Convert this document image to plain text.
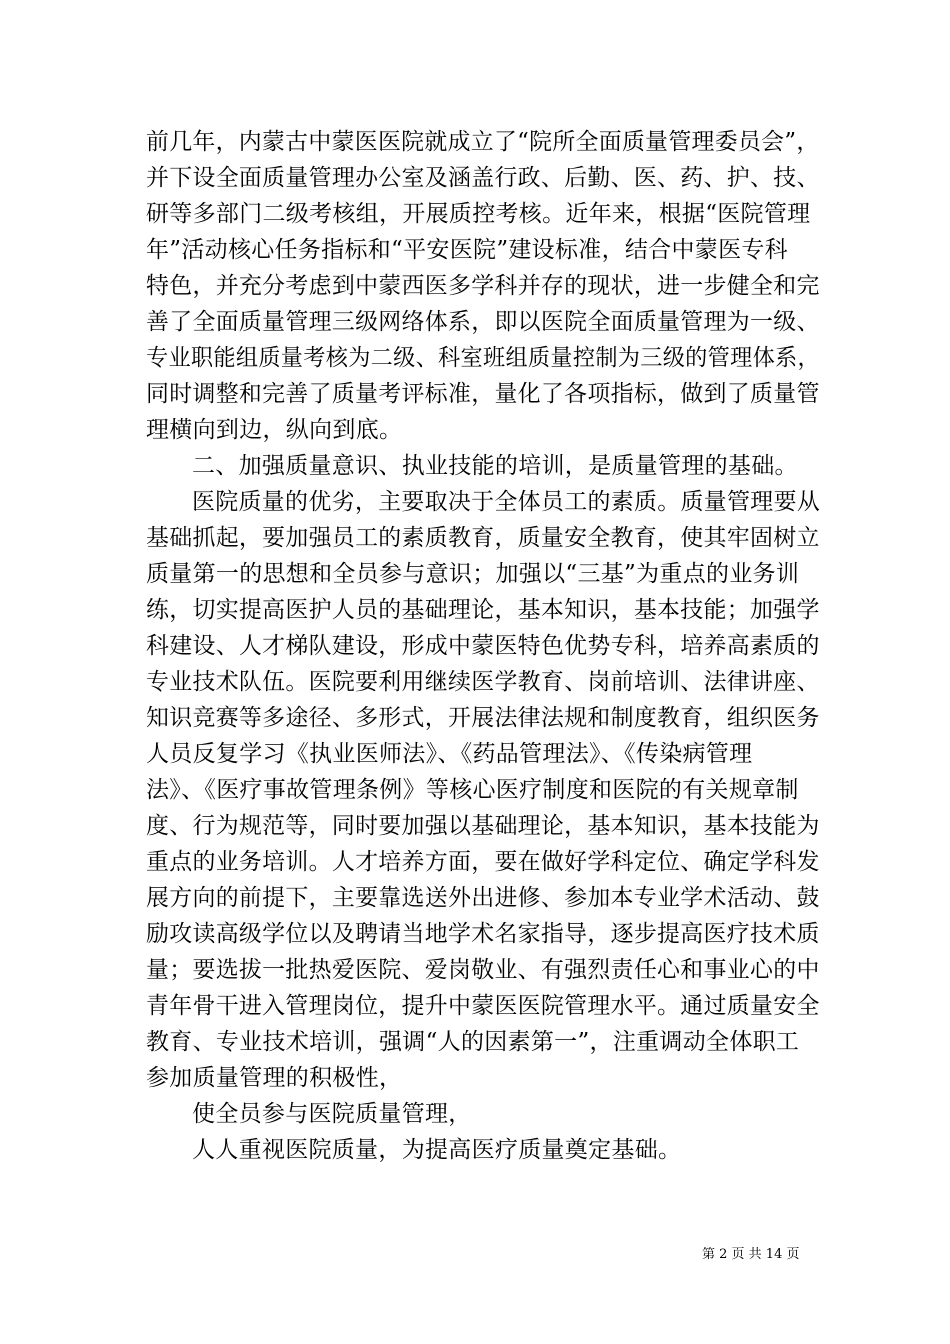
前几年，内蒙古中蒙医医院就成立了“院所全面质量管理委员会”，
并下设全面质量管理办公室及涵盖行政、后勤、医、药、护、技、
研等多部门二级考核组，开展质控考核。近年来，根据“医院管理
年”活动核心任务指标和“平安医院”建设标准，结合中蒙医专科
特色，并充分考虑到中蒙西医多学科并存的现状，进一步健全和完
善了全面质量管理三级网络体系，即以医院全面质量管理为一级、
专业职能组质量考核为二级、科室班组质量控制为三级的管理体系，
同时调整和完善了质量考评标准，量化了各项指标，做到了质量管
理横向到边，纵向到底。
二、加强质量意识、执业技能的培训，是质量管理的基础。
医院质量的优劣，主要取决于全体员工的素质。质量管理要从
基础抓起，要加强员工的素质教育，质量安全教育，使其牢固树立
质量第一的思想和全员参与意识；加强以“三基”为重点的业务训
练，切实提高医护人员的基础理论，基本知识，基本技能；加强学
科建设、人才梯队建设，形成中蒙医特色优势专科，培养高素质的
专业技术队伍。医院要利用继续医学教育、岗前培训、法律讲座、
知识竞赛等多途径、多形式，开展法律法规和制度教育，组织医务
人员反复学习《执业医师法》、《药品管理法》、《传染病管理
法》、《医疗事故管理条例》等核心医疗制度和医院的有关规章制
度、行为规范等，同时要加强以基础理论，基本知识，基本技能为
重点的业务培训。人才培养方面，要在做好学科定位、确定学科发
展方向的前提下，主要靠选送外出进修、参加本专业学术活动、鼓
励攻读高级学位以及聘请当地学术名家指导，逐步提高医疗技术质
量；要选拔一批热爱医院、爱岗敬业、有强烈责任心和事业心的中
青年骨干进入管理岗位，提升中蒙医医院管理水平。通过质量安全
教育、专业技术培训，强调“人的因素第一”，注重调动全体职工
参加质量管理的积极性，
使全员参与医院质量管理，
人人重视医院质量，为提高医疗质量奠定基础。
第 2 页 共 14 页
